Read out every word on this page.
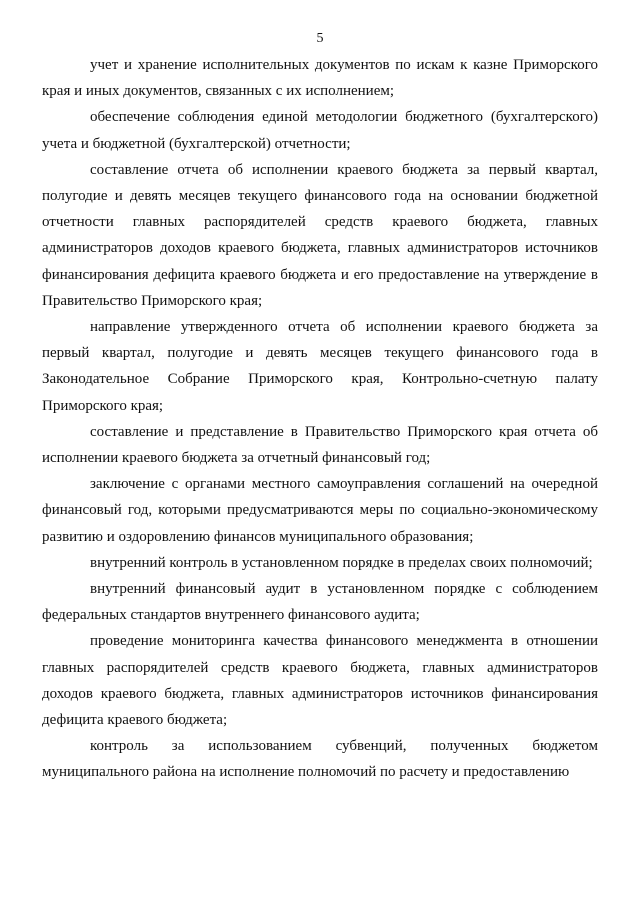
5

учет и хранение исполнительных документов по искам к казне Приморского края и иных документов, связанных с их исполнением;

обеспечение соблюдения единой методологии бюджетного (бухгалтерского) учета и бюджетной (бухгалтерской) отчетности;

составление отчета об исполнении краевого бюджета за первый квартал, полугодие и девять месяцев текущего финансового года на основании бюджетной отчетности главных распорядителей средств краевого бюджета, главных администраторов доходов краевого бюджета, главных администраторов источников финансирования дефицита краевого бюджета и его предоставление на утверждение в Правительство Приморского края;

направление утвержденного отчета об исполнении краевого бюджета за первый квартал, полугодие и девять месяцев текущего финансового года в Законодательное Собрание Приморского края, Контрольно-счетную палату Приморского края;

составление и представление в Правительство Приморского края отчета об исполнении краевого бюджета за отчетный финансовый год;

заключение с органами местного самоуправления соглашений на очередной финансовый год, которыми предусматриваются меры по социально-экономическому развитию и оздоровлению финансов муниципального образования;

внутренний контроль в установленном порядке в пределах своих полномочий;

внутренний финансовый аудит в установленном порядке с соблюдением федеральных стандартов внутреннего финансового аудита;

проведение мониторинга качества финансового менеджмента в отношении главных распорядителей средств краевого бюджета, главных администраторов доходов краевого бюджета, главных администраторов источников финансирования дефицита краевого бюджета;

контроль за использованием субвенций, полученных бюджетом муниципального района на исполнение полномочий по расчету и предоставлению
